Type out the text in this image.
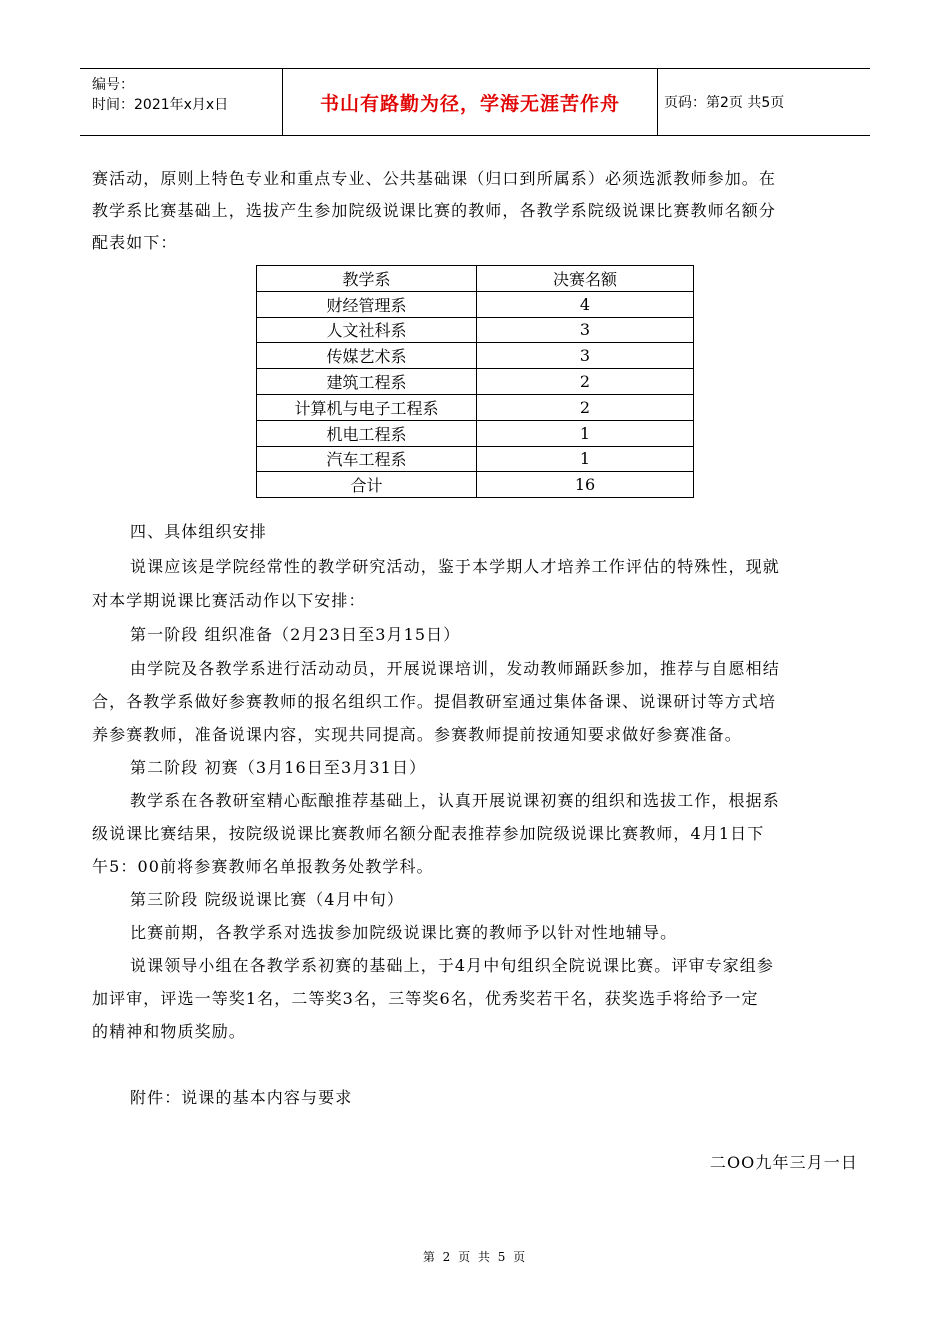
编号：
时间：2021年x月x日	书山有路勤为径，学海无涯苦作舟	页码：第2页 共5页
赛活动，原则上特色专业和重点专业、公共基础课（归口到所属系）必须选派教师参加。在
教学系比赛基础上，选拔产生参加院级说课比赛的教师，各教学系院级说课比赛教师名额分
配表如下：
教学系	决赛名额
财经管理系	4
人文社科系	3
传媒艺术系	3
建筑工程系	2
计算机与电子工程系	2
机电工程系	1
汽车工程系	1
合计	16
四、具体组织安排
说课应该是学院经常性的教学研究活动，鉴于本学期人才培养工作评估的特殊性，现就
对本学期说课比赛活动作以下安排：
第一阶段 组织准备（2月23日至3月15日）
由学院及各教学系进行活动动员，开展说课培训，发动教师踊跃参加，推荐与自愿相结
合，各教学系做好参赛教师的报名组织工作。提倡教研室通过集体备课、说课研讨等方式培
养参赛教师，准备说课内容，实现共同提高。参赛教师提前按通知要求做好参赛准备。
第二阶段 初赛（3月16日至3月31日）
教学系在各教研室精心酝酿推荐基础上，认真开展说课初赛的组织和选拔工作，根据系
级说课比赛结果，按院级说课比赛教师名额分配表推荐参加院级说课比赛教师，4月1日下
午5：00前将参赛教师名单报教务处教学科。
第三阶段 院级说课比赛（4月中旬）
比赛前期，各教学系对选拔参加院级说课比赛的教师予以针对性地辅导。
说课领导小组在各教学系初赛的基础上，于4月中旬组织全院说课比赛。评审专家组参
加评审，评选一等奖1名，二等奖3名，三等奖6名，优秀奖若干名，获奖选手将给予一定
的精神和物质奖励。
附件：说课的基本内容与要求
二OO九年三月一日
第 2 页 共 5 页
